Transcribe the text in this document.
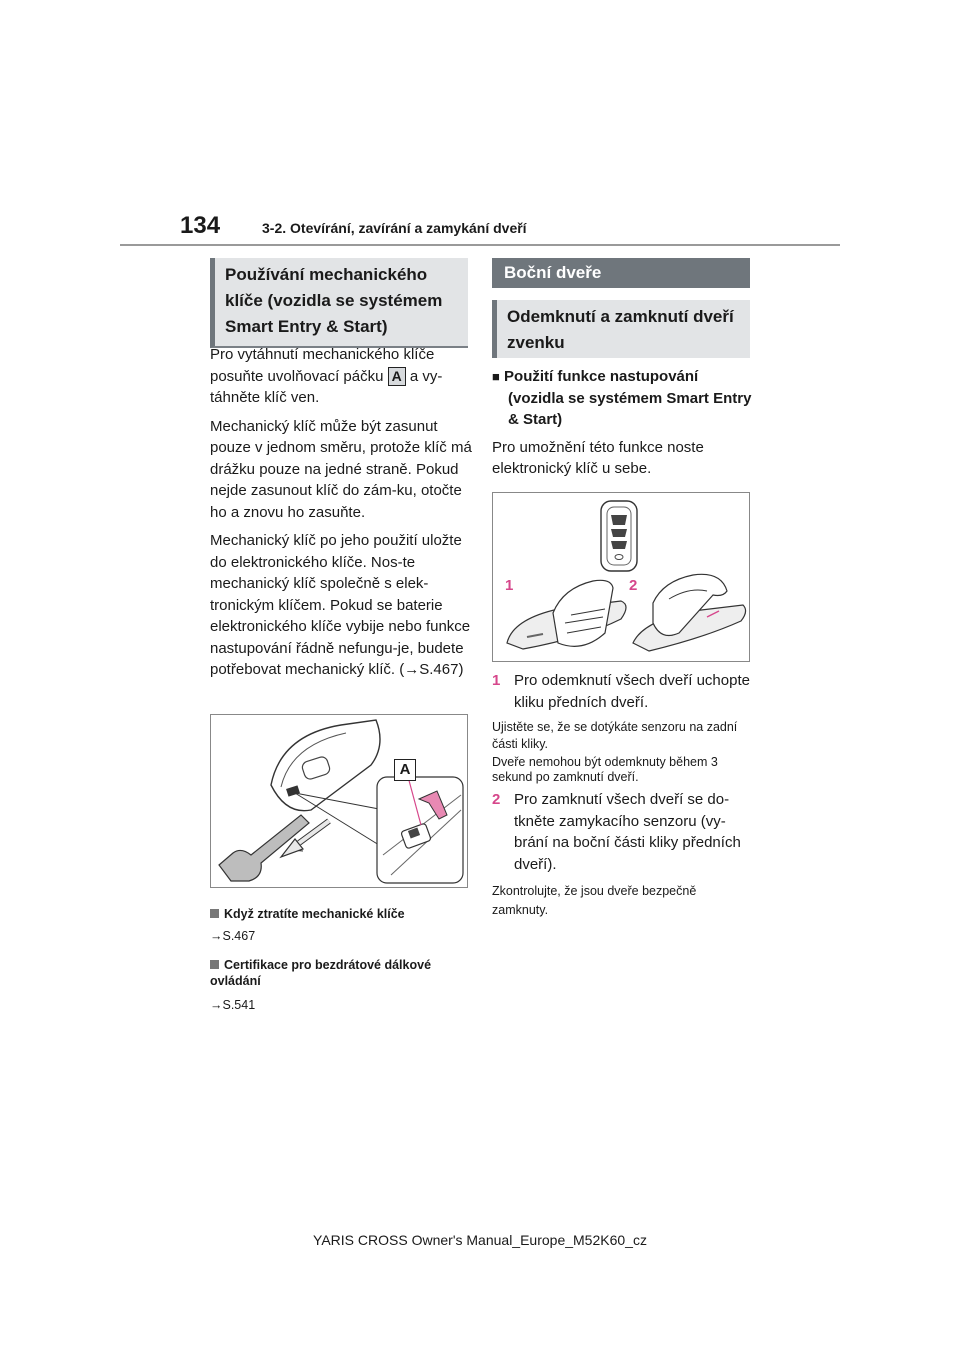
134	3-2. Otevírání, zavírání a zamykání dveří
Používání mechanického klíče (vozidla se systémem Smart Entry & Start)

Pro vytáhnutí mechanického klíče posuňte uvolňovací páčku A a vy-táhněte klíč ven.

Mechanický klíč může být zasunut pouze v jednom směru, protože klíč má drážku pouze na jedné straně. Pokud nejde zasunout klíč do zám-ku, otočte ho a znovu ho zasuňte.

Mechanický klíč po jeho použití uložte do elektronického klíče. Nos-te mechanický klíč společně s elek-tronickým klíčem. Pokud se baterie elektronického klíče vybije nebo funkce nastupování řádně nefungu-je, budete potřebovat mechanický klíč. (→S.467)

A
Když ztratíte mechanické klíče
→S.467
Certifikace pro bezdrátové dálkové ovládání
→S.541
Boční dveře
Odemknutí a zamknutí dveří zvenku
■ Použití funkce nastupování (vozidla se systémem Smart Entry & Start)

Pro umožnění této funkce noste elektronický klíč u sebe.

1	2
1 Pro odemknutí všech dveří uchopte kliku předních dveří.
Ujistěte se, že se dotýkáte senzoru na zadní části kliky.
Dveře nemohou být odemknuty během 3 sekund po zamknutí dveří.
2 Pro zamknutí všech dveří se do-tkněte zamykacího senzoru (vy-brání na boční části kliky předních dveří).
Zkontrolujte, že jsou dveře bezpečně zamknuty.
YARIS CROSS Owner's Manual_Europe_M52K60_cz
